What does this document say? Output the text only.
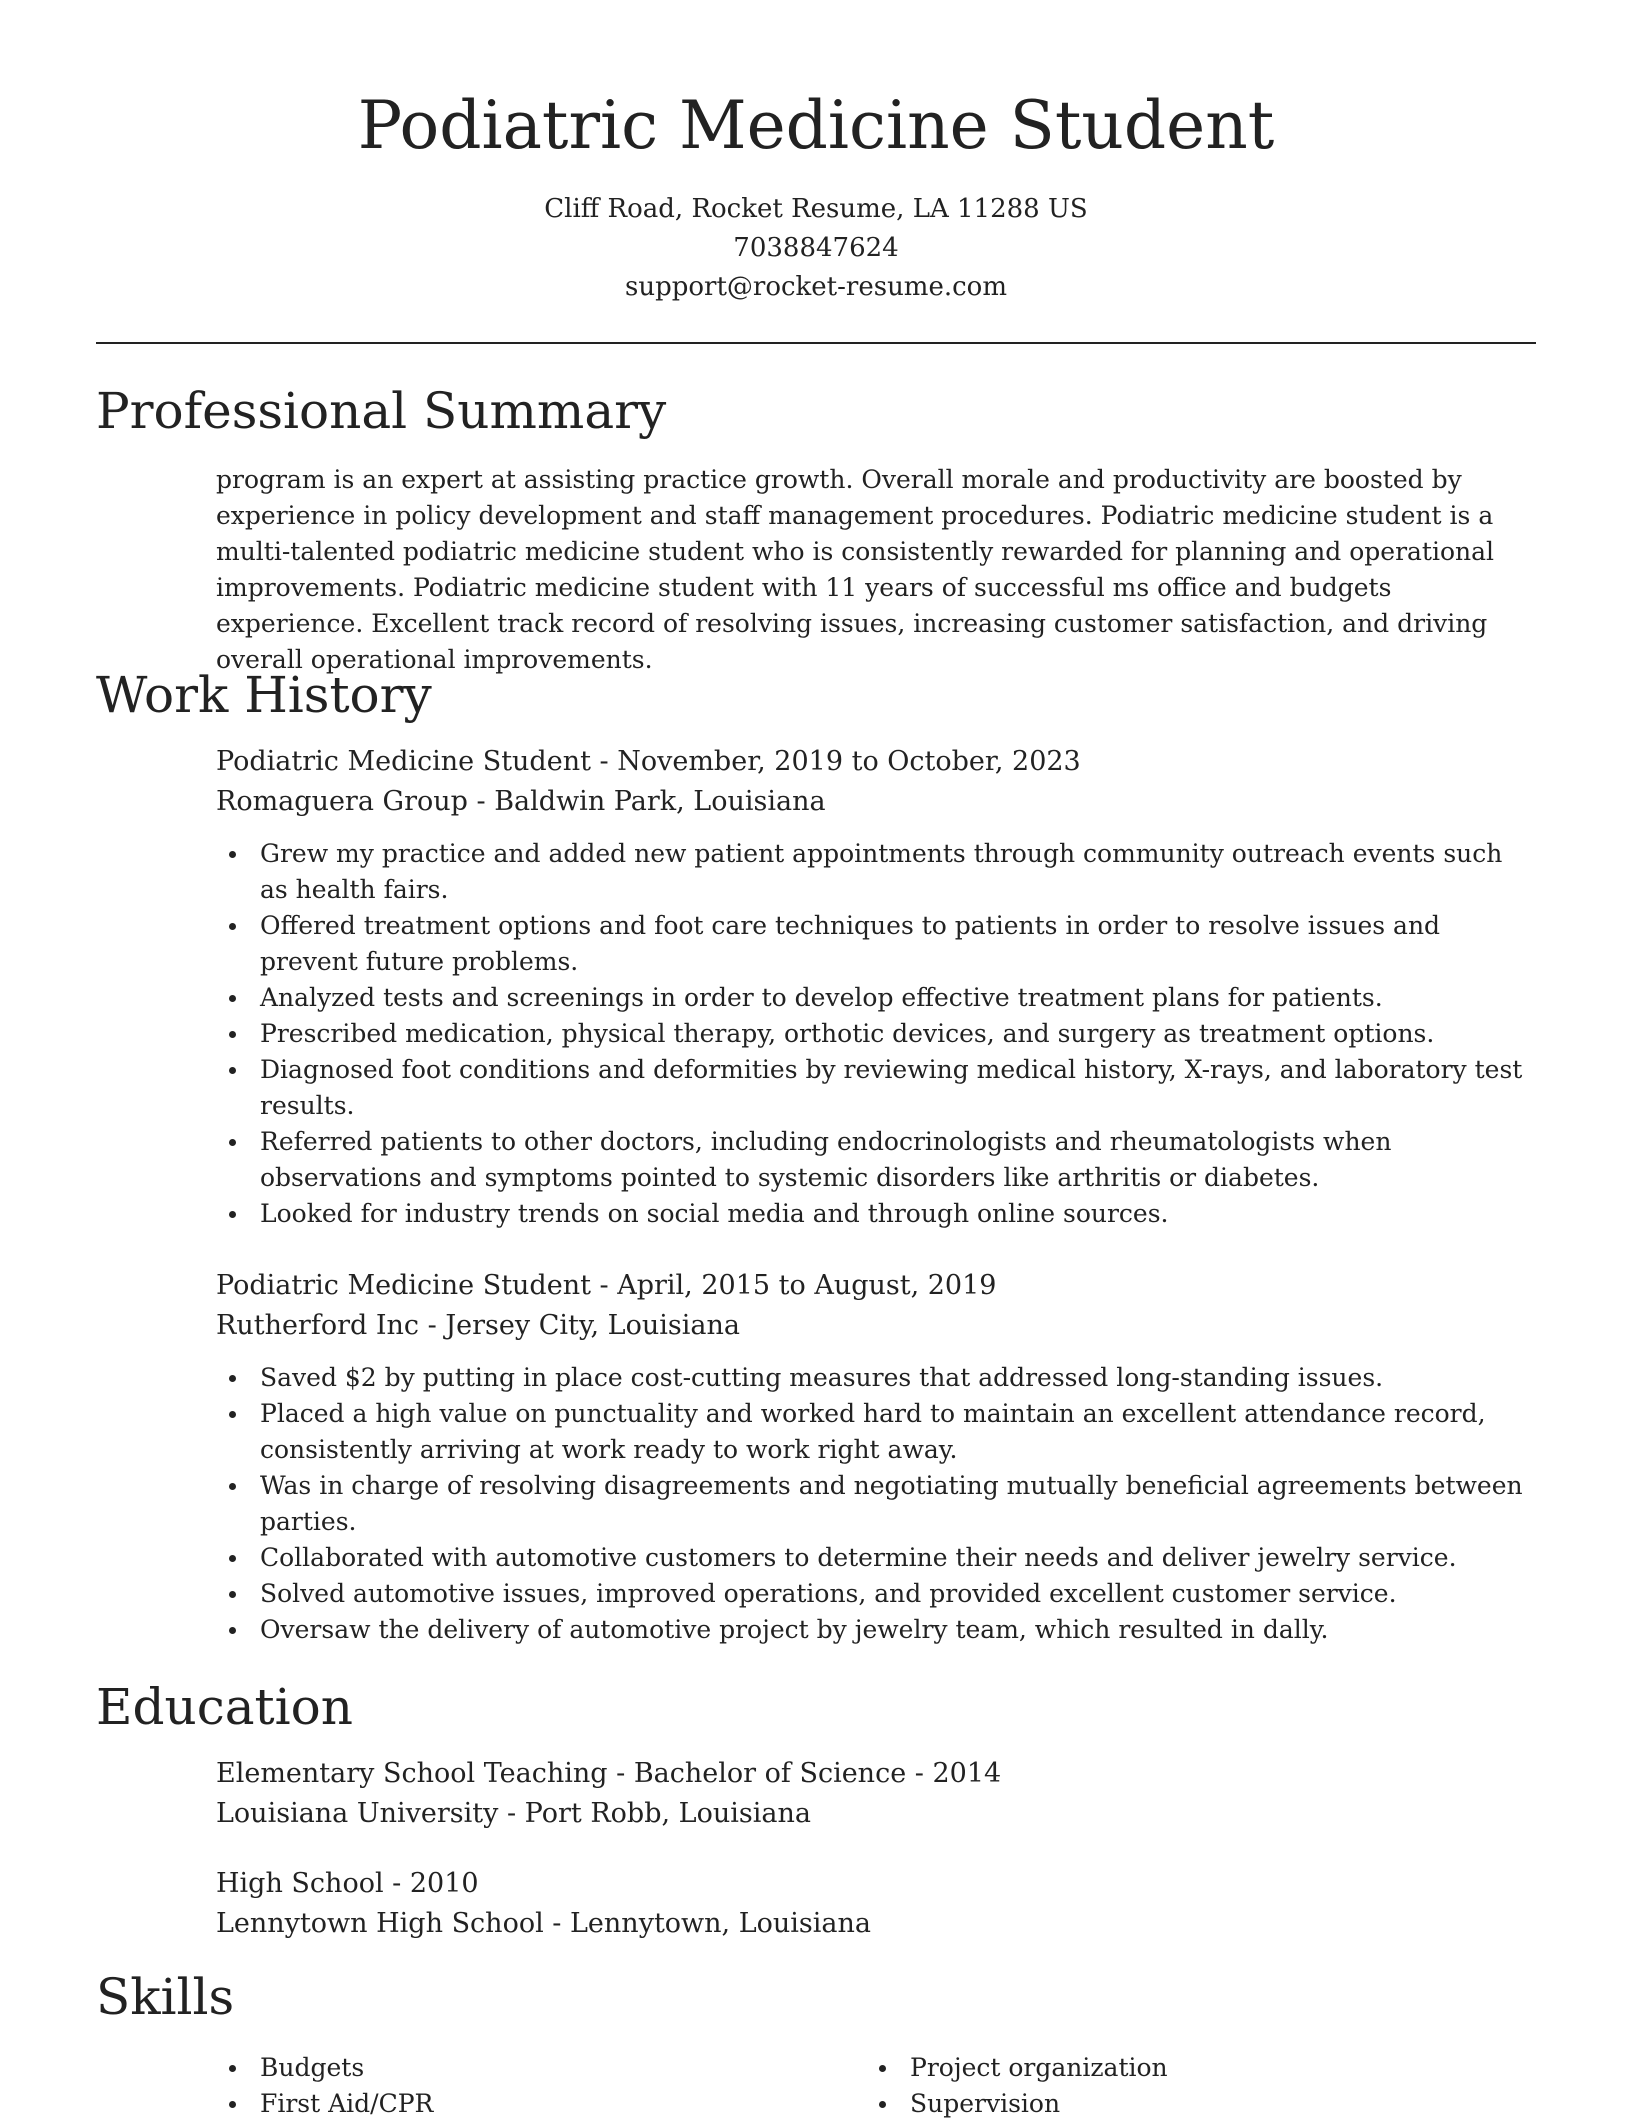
Podiatric Medicine Student
Cliff Road, Rocket Resume, LA 11288 US
7038847624
support@rocket-resume.com
Professional Summary

program is an expert at assisting practice growth. Overall morale and productivity are boosted by experience in policy development and staff management procedures. Podiatric medicine student is a multi-talented podiatric medicine student who is consistently rewarded for planning and operational improvements. Podiatric medicine student with 11 years of successful ms office and budgets experience. Excellent track record of resolving issues, increasing customer satisfaction, and driving overall operational improvements.

Work History
Podiatric Medicine Student - November, 2019 to October, 2023
Romaguera Group - Baldwin Park, Louisiana
Grew my practice and added new patient appointments through community outreach events such as health fairs.
Offered treatment options and foot care techniques to patients in order to resolve issues and prevent future problems.
Analyzed tests and screenings in order to develop effective treatment plans for patients.
Prescribed medication, physical therapy, orthotic devices, and surgery as treatment options.
Diagnosed foot conditions and deformities by reviewing medical history, X-rays, and laboratory test results.
Referred patients to other doctors, including endocrinologists and rheumatologists when observations and symptoms pointed to systemic disorders like arthritis or diabetes.
Looked for industry trends on social media and through online sources.
Podiatric Medicine Student - April, 2015 to August, 2019
Rutherford Inc - Jersey City, Louisiana
Saved $2 by putting in place cost-cutting measures that addressed long-standing issues.
Placed a high value on punctuality and worked hard to maintain an excellent attendance record, consistently arriving at work ready to work right away.
Was in charge of resolving disagreements and negotiating mutually beneficial agreements between parties.
Collaborated with automotive customers to determine their needs and deliver jewelry service.
Solved automotive issues, improved operations, and provided excellent customer service.
Oversaw the delivery of automotive project by jewelry team, which resulted in dally.
Education
Elementary School Teaching - Bachelor of Science - 2014
Louisiana University - Port Robb, Louisiana
High School - 2010
Lennytown High School - Lennytown, Louisiana
Skills
Budgets
First Aid/CPR
Project organization
Supervision
